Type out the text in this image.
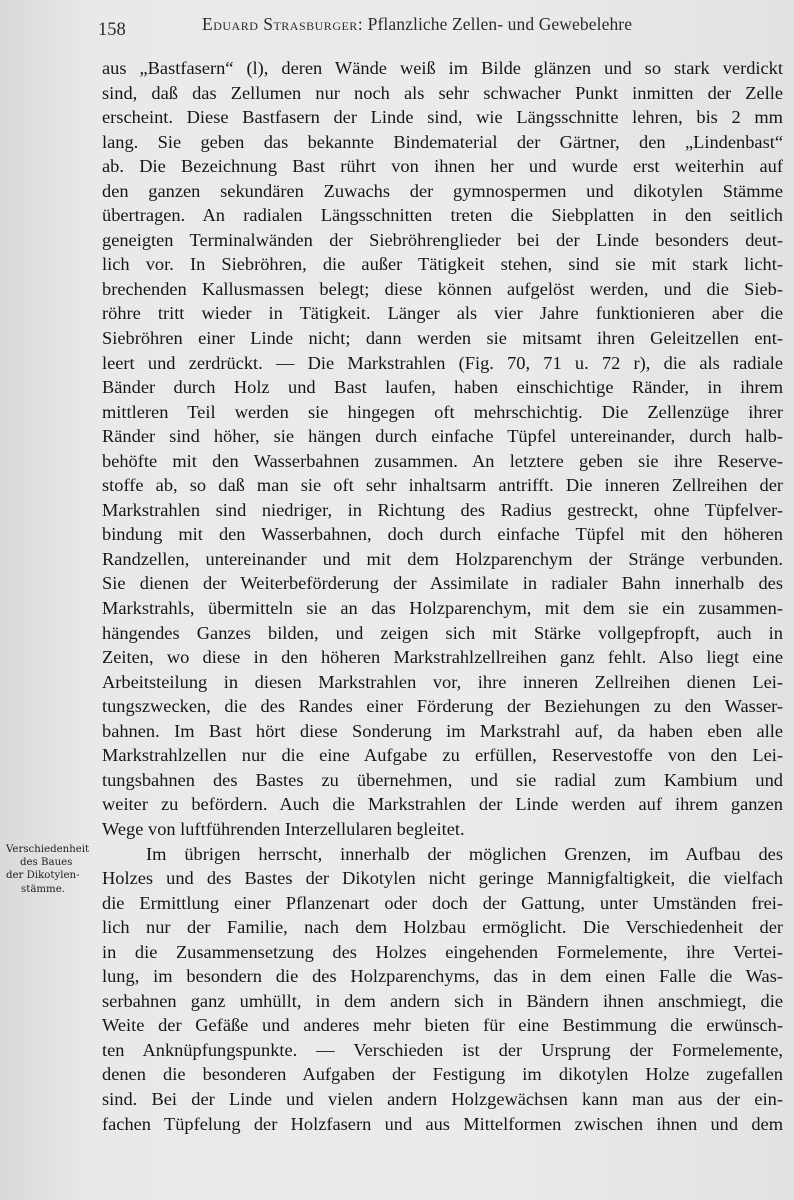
158	Eduard Strasburger: Pflanzliche Zellen- und Gewebelehre
Verschiedenheit
des Baues
der Dikotylen-
stämme.
aus „Bastfasern“ (l), deren Wände weiß im Bilde glänzen und so stark verdickt
sind, daß das Zellumen nur noch als sehr schwacher Punkt inmitten der Zelle
erscheint. Diese Bastfasern der Linde sind, wie Längsschnitte lehren, bis 2 mm
lang. Sie geben das bekannte Bindematerial der Gärtner, den „Lindenbast“
ab. Die Bezeichnung Bast rührt von ihnen her und wurde erst weiterhin auf
den ganzen sekundären Zuwachs der gymnospermen und dikotylen Stämme
übertragen. An radialen Längsschnitten treten die Siebplatten in den seitlich
geneigten Terminalwänden der Siebröhrenglieder bei der Linde besonders deut-
lich vor. In Siebröhren, die außer Tätigkeit stehen, sind sie mit stark licht-
brechenden Kallusmassen belegt; diese können aufgelöst werden, und die Sieb-
röhre tritt wieder in Tätigkeit. Länger als vier Jahre funktionieren aber die
Siebröhren einer Linde nicht; dann werden sie mitsamt ihren Geleitzellen ent-
leert und zerdrückt. — Die Markstrahlen (Fig. 70, 71 u. 72 r), die als radiale
Bänder durch Holz und Bast laufen, haben einschichtige Ränder, in ihrem
mittleren Teil werden sie hingegen oft mehrschichtig. Die Zellenzüge ihrer
Ränder sind höher, sie hängen durch einfache Tüpfel untereinander, durch halb-
behöfte mit den Wasserbahnen zusammen. An letztere geben sie ihre Reserve-
stoffe ab, so daß man sie oft sehr inhaltsarm antrifft. Die inneren Zellreihen der
Markstrahlen sind niedriger, in Richtung des Radius gestreckt, ohne Tüpfelver-
bindung mit den Wasserbahnen, doch durch einfache Tüpfel mit den höheren
Randzellen, untereinander und mit dem Holzparenchym der Stränge verbunden.
Sie dienen der Weiterbeförderung der Assimilate in radialer Bahn innerhalb des
Markstrahls, übermitteln sie an das Holzparenchym, mit dem sie ein zusammen-
hängendes Ganzes bilden, und zeigen sich mit Stärke vollgepfropft, auch in
Zeiten, wo diese in den höheren Markstrahlzellreihen ganz fehlt. Also liegt eine
Arbeitsteilung in diesen Markstrahlen vor, ihre inneren Zellreihen dienen Lei-
tungszwecken, die des Randes einer Förderung der Beziehungen zu den Wasser-
bahnen. Im Bast hört diese Sonderung im Markstrahl auf, da haben eben alle
Markstrahlzellen nur die eine Aufgabe zu erfüllen, Reservestoffe von den Lei-
tungsbahnen des Bastes zu übernehmen, und sie radial zum Kambium und
weiter zu befördern. Auch die Markstrahlen der Linde werden auf ihrem ganzen
Wege von luftführenden Interzellularen begleitet.
Im übrigen herrscht, innerhalb der möglichen Grenzen, im Aufbau des
Holzes und des Bastes der Dikotylen nicht geringe Mannigfaltigkeit, die vielfach
die Ermittlung einer Pflanzenart oder doch der Gattung, unter Umständen frei-
lich nur der Familie, nach dem Holzbau ermöglicht. Die Verschiedenheit der
in die Zusammensetzung des Holzes eingehenden Formelemente, ihre Vertei-
lung, im besondern die des Holzparenchyms, das in dem einen Falle die Was-
serbahnen ganz umhüllt, in dem andern sich in Bändern ihnen anschmiegt, die
Weite der Gefäße und anderes mehr bieten für eine Bestimmung die erwünsch-
ten Anknüpfungspunkte. — Verschieden ist der Ursprung der Formelemente,
denen die besonderen Aufgaben der Festigung im dikotylen Holze zugefallen
sind. Bei der Linde und vielen andern Holzgewächsen kann man aus der ein-
fachen Tüpfelung der Holzfasern und aus Mittelformen zwischen ihnen und dem
